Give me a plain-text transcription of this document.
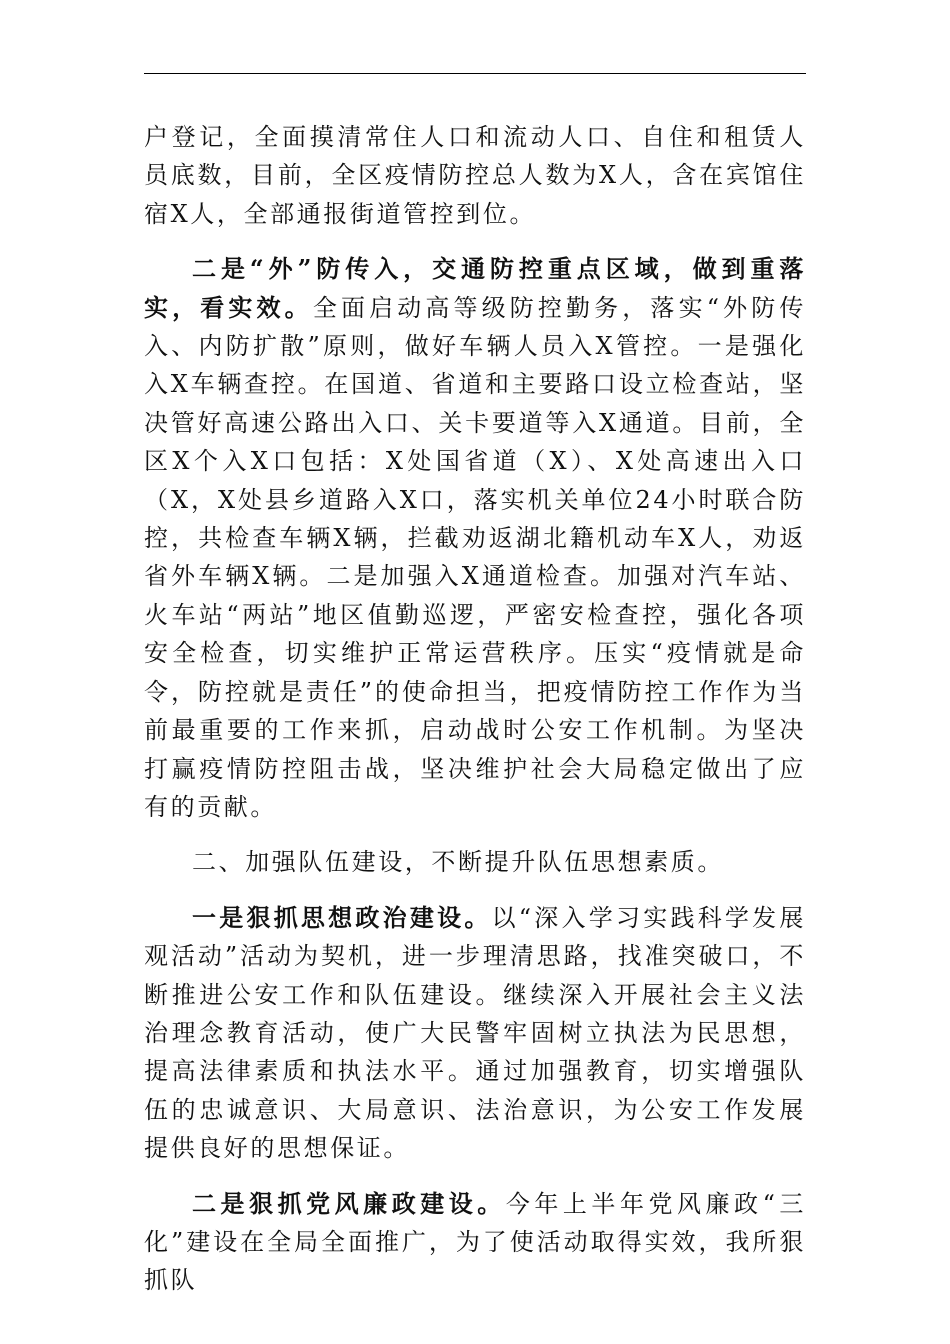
户登记，全面摸清常住人口和流动人口、自住和租赁人员底数，目前，全区疫情防控总人数为X人，含在宾馆住宿X人，全部通报街道管控到位。

二是“外”防传入，交通防控重点区域，做到重落实，看实效。全面启动高等级防控勤务，落实“外防传入、内防扩散”原则，做好车辆人员入X管控。一是强化入X车辆查控。在国道、省道和主要路口设立检查站，坚决管好高速公路出入口、关卡要道等入X通道。目前，全区X个入X口包括：X处国省道（X）、X处高速出入口（X，X处县乡道路入X口，落实机关单位24小时联合防控，共检查车辆X辆，拦截劝返湖北籍机动车X人，劝返省外车辆X辆。二是加强入X通道检查。加强对汽车站、火车站“两站”地区值勤巡逻，严密安检查控，强化各项安全检查，切实维护正常运营秩序。压实“疫情就是命令，防控就是责任”的使命担当，把疫情防控工作作为当前最重要的工作来抓，启动战时公安工作机制。为坚决打赢疫情防控阻击战，坚决维护社会大局稳定做出了应有的贡献。

二、加强队伍建设，不断提升队伍思想素质。

一是狠抓思想政治建设。以“深入学习实践科学发展观活动”活动为契机，进一步理清思路，找准突破口，不断推进公安工作和队伍建设。继续深入开展社会主义法治理念教育活动，使广大民警牢固树立执法为民思想，提高法律素质和执法水平。通过加强教育，切实增强队伍的忠诚意识、大局意识、法治意识，为公安工作发展提供良好的思想保证。

二是狠抓党风廉政建设。今年上半年党风廉政“三化”建设在全局全面推广，为了使活动取得实效，我所狠抓队
